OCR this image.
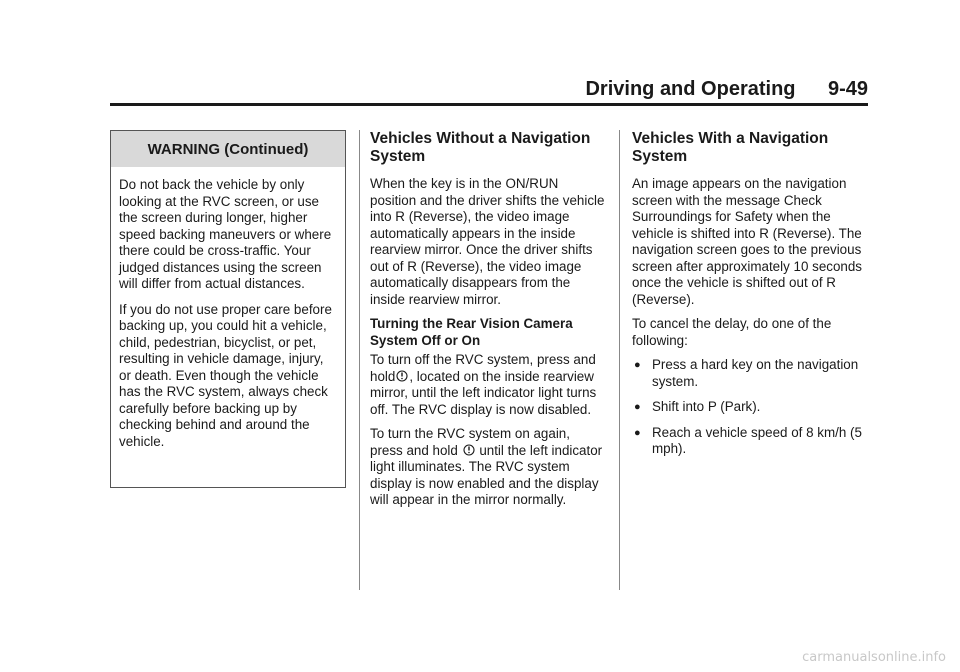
Driving and Operating 9-49
WARNING (Continued)

Do not back the vehicle by only looking at the RVC screen, or use the screen during longer, higher speed backing maneuvers or where there could be cross-traffic. Your judged distances using the screen will differ from actual distances.

If you do not use proper care before backing up, you could hit a vehicle, child, pedestrian, bicyclist, or pet, resulting in vehicle damage, injury, or death. Even though the vehicle has the RVC system, always check carefully before backing up by checking behind and around the vehicle.

Vehicles Without a Navigation System

When the key is in the ON/RUN position and the driver shifts the vehicle into R (Reverse), the video image automatically appears in the inside rearview mirror. Once the driver shifts out of R (Reverse), the video image automatically disappears from the inside rearview mirror.

Turning the Rear Vision Camera System Off or On

To turn off the RVC system, press and hold , located on the inside rearview mirror, until the left indicator light turns off. The RVC display is now disabled.

To turn the RVC system on again, press and hold until the left indicator light illuminates. The RVC system display is now enabled and the display will appear in the mirror normally.

Vehicles With a Navigation System

An image appears on the navigation screen with the message Check Surroundings for Safety when the vehicle is shifted into R (Reverse). The navigation screen goes to the previous screen after approximately 10 seconds once the vehicle is shifted out of R (Reverse).

To cancel the delay, do one of the following:

● Press a hard key on the navigation system.
● Shift into P (Park).
● Reach a vehicle speed of 8 km/h (5 mph).
carmanualsonline.info
